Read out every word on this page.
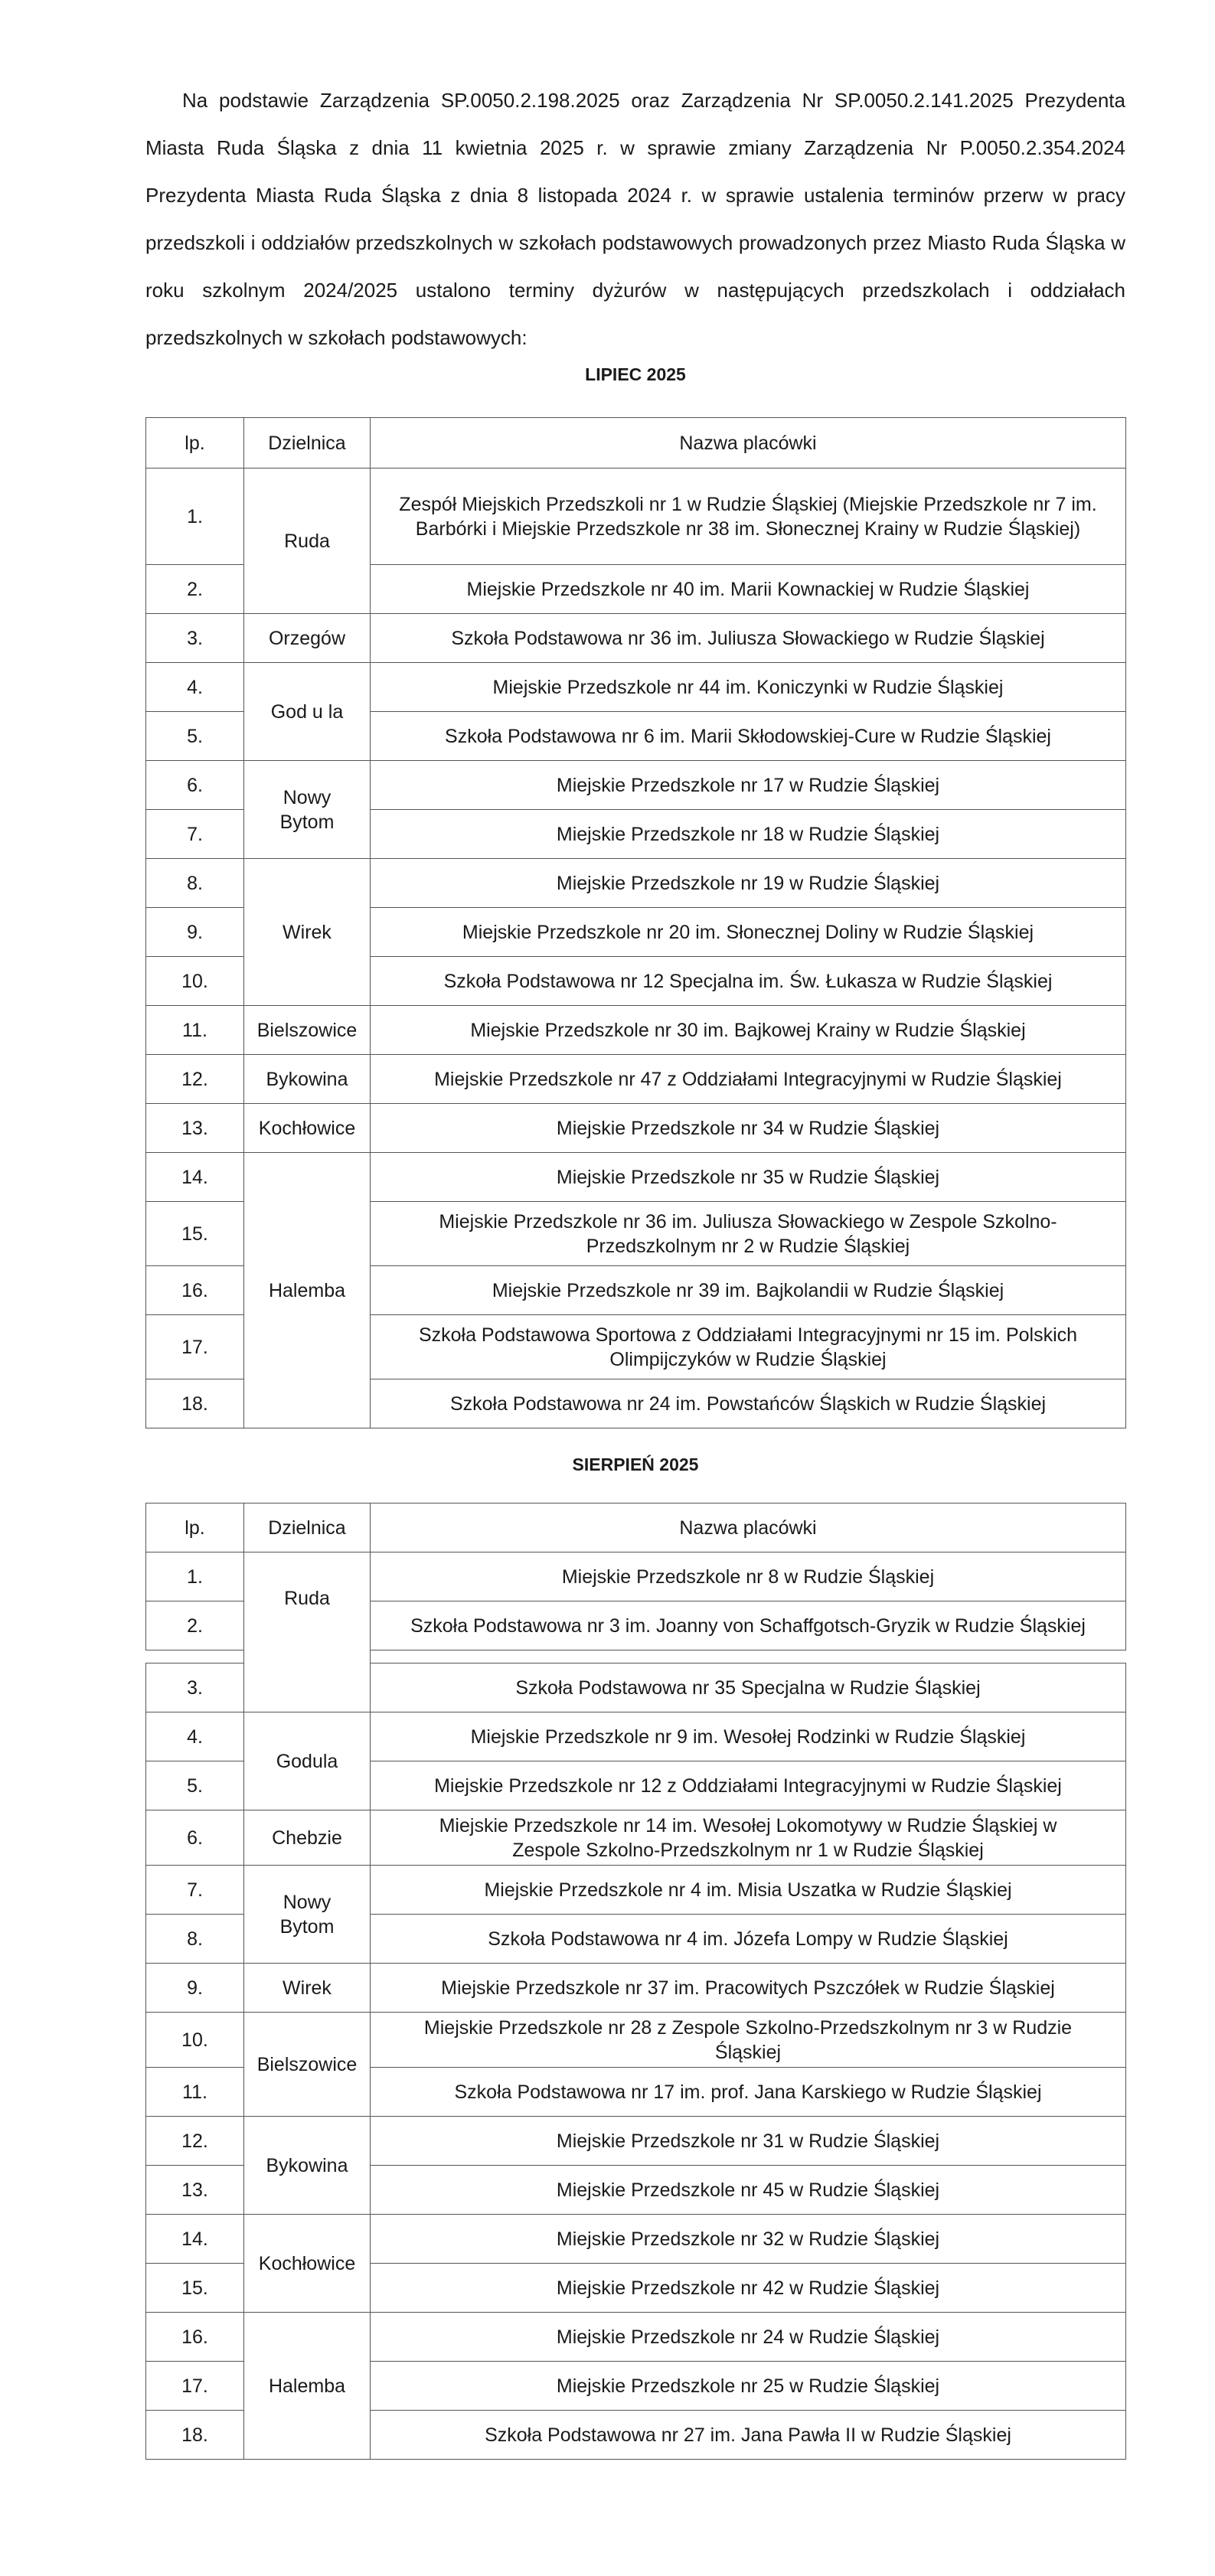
Na podstawie Zarządzenia SP.0050.2.198.2025 oraz Zarządzenia Nr SP.0050.2.141.2025 Prezydenta Miasta Ruda Śląska z dnia 11 kwietnia 2025 r. w sprawie zmiany Zarządzenia Nr P.0050.2.354.2024 Prezydenta Miasta Ruda Śląska z dnia 8 listopada 2024 r. w sprawie ustalenia terminów przerw w pracy przedszkoli i oddziałów przedszkolnych w szkołach podstawowych prowadzonych przez Miasto Ruda Śląska w roku szkolnym 2024/2025 ustalono terminy dyżurów w następujących przedszkolach i oddziałach przedszkolnych w szkołach podstawowych:
LIPIEC 2025
lp.	Dzielnica	Nazwa placówki
1.	Ruda	Zespół Miejskich Przedszkoli nr 1 w Rudzie Śląskiej (Miejskie Przedszkole nr 7 im. Barbórki i Miejskie Przedszkole nr 38 im. Słonecznej Krainy w Rudzie Śląskiej)
2.		Miejskie Przedszkole nr 40 im. Marii Kownackiej w Rudzie Śląskiej
3.	Orzegów	Szkoła Podstawowa nr 36 im. Juliusza Słowackiego w Rudzie Śląskiej
4.	God u la	Miejskie Przedszkole nr 44 im. Koniczynki w Rudzie Śląskiej
5.		Szkoła Podstawowa nr 6 im. Marii Skłodowskiej-Cure w Rudzie Śląskiej
6.	Nowy Bytom	Miejskie Przedszkole nr 17 w Rudzie Śląskiej
7.		Miejskie Przedszkole nr 18 w Rudzie Śląskiej
8.	Wirek	Miejskie Przedszkole nr 19 w Rudzie Śląskiej
9.		Miejskie Przedszkole nr 20 im. Słonecznej Doliny w Rudzie Śląskiej
10.		Szkoła Podstawowa nr 12 Specjalna im. Św. Łukasza w Rudzie Śląskiej
11.	Bielszowice	Miejskie Przedszkole nr 30 im. Bajkowej Krainy w Rudzie Śląskiej
12.	Bykowina	Miejskie Przedszkole nr 47 z Oddziałami Integracyjnymi w Rudzie Śląskiej
13.	Kochłowice	Miejskie Przedszkole nr 34 w Rudzie Śląskiej
14.	Halemba	Miejskie Przedszkole nr 35 w Rudzie Śląskiej
15.		Miejskie Przedszkole nr 36 im. Juliusza Słowackiego w Zespole Szkolno-Przedszkolnym nr 2 w Rudzie Śląskiej
16.		Miejskie Przedszkole nr 39 im. Bajkolandii w Rudzie Śląskiej
17.		Szkoła Podstawowa Sportowa z Oddziałami Integracyjnymi nr 15 im. Polskich Olimpijczyków w Rudzie Śląskiej
18.		Szkoła Podstawowa nr 24 im. Powstańców Śląskich w Rudzie Śląskiej
SIERPIEŃ 2025
lp.	Dzielnica	Nazwa placówki
1.	Ruda	Miejskie Przedszkole nr 8 w Rudzie Śląskiej
2.		Szkoła Podstawowa nr 3 im. Joanny von Schaffgotsch-Gryzik w Rudzie Śląskiej

3.		Szkoła Podstawowa nr 35 Specjalna w Rudzie Śląskiej
4.	Godula	Miejskie Przedszkole nr 9 im. Wesołej Rodzinki w Rudzie Śląskiej
5.		Miejskie Przedszkole nr 12 z Oddziałami Integracyjnymi w Rudzie Śląskiej
6.	Chebzie	Miejskie Przedszkole nr 14 im. Wesołej Lokomotywy w Rudzie Śląskiej w Zespole Szkolno-Przedszkolnym nr 1 w Rudzie Śląskiej
7.	Nowy Bytom	Miejskie Przedszkole nr 4 im. Misia Uszatka w Rudzie Śląskiej
8.		Szkoła Podstawowa nr 4 im. Józefa Lompy w Rudzie Śląskiej
9.	Wirek	Miejskie Przedszkole nr 37 im. Pracowitych Pszczółek w Rudzie Śląskiej
10.	Bielszowice	Miejskie Przedszkole nr 28 z Zespole Szkolno-Przedszkolnym nr 3 w Rudzie Śląskiej
11.		Szkoła Podstawowa nr 17 im. prof. Jana Karskiego w Rudzie Śląskiej
12.	Bykowina	Miejskie Przedszkole nr 31 w Rudzie Śląskiej
13.		Miejskie Przedszkole nr 45 w Rudzie Śląskiej
14.	Kochłowice	Miejskie Przedszkole nr 32 w Rudzie Śląskiej
15.		Miejskie Przedszkole nr 42 w Rudzie Śląskiej
16.	Halemba	Miejskie Przedszkole nr 24 w Rudzie Śląskiej
17.		Miejskie Przedszkole nr 25 w Rudzie Śląskiej
18.		Szkoła Podstawowa nr 27 im. Jana Pawła II w Rudzie Śląskiej
